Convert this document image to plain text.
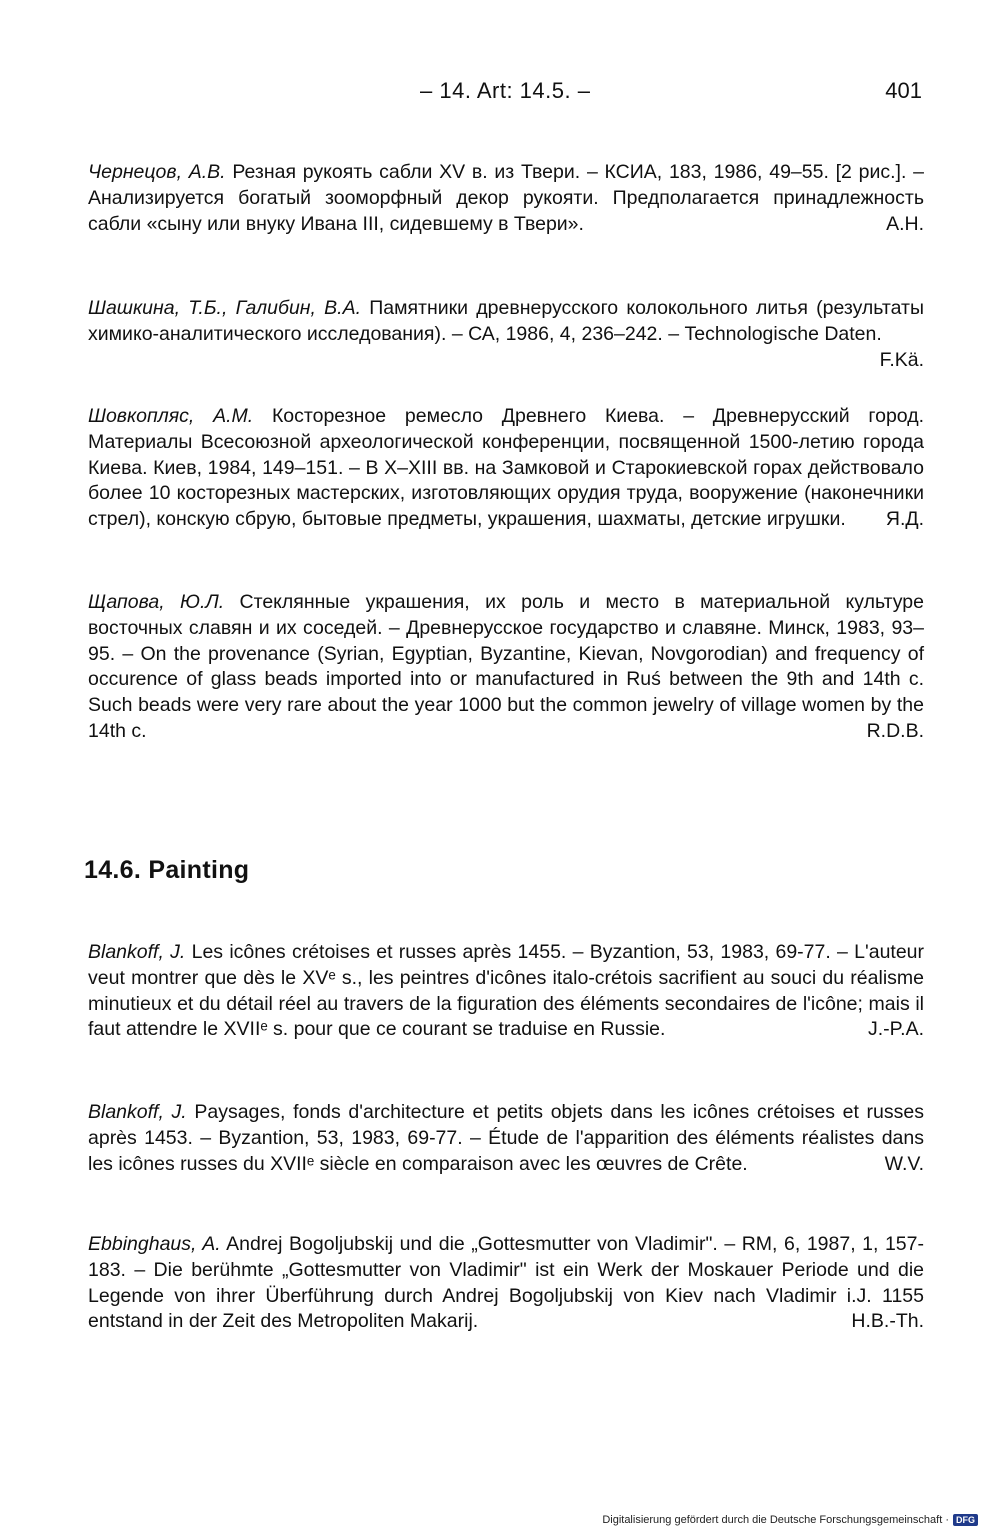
– 14. Art: 14.5. –	401
Чернецов, А.В. Резная рукоять сабли XV в. из Твери. – КСИА, 183, 1986, 49–55. [2 рис.]. – Анализируется богатый зооморфный декор рукояти. Предполагается принадлежность сабли «сыну или внуку Ивана III, сидевшему в Твери».	А.Н.
Шашкина, Т.Б., Галибин, В.А. Памятники древнерусского колокольного литья (результаты химико-аналитического исследования). – СА, 1986, 4, 236–242. – Technologische Daten.
F.Kä.
Шовкопляс, А.М. Косторезное ремесло Древнего Киева. – Древнерусский город. Материалы Всесоюзной археологической конференции, посвященной 1500-летию города Киева. Киев, 1984, 149–151. – В X–XIII вв. на Замковой и Старокиевской горах действовало более 10 косторезных мастерских, изготовляющих орудия труда, вооружение (наконечники стрел), конскую сбрую, бытовые предметы, украшения, шахматы, детские игрушки. Я.Д.
Щапова, Ю.Л. Стеклянные украшения, их роль и место в материальной культуре восточных славян и их соседей. – Древнерусское государство и славяне. Минск, 1983, 93–95. – On the provenance (Syrian, Egyptian, Byzantine, Kievan, Novgorodian) and frequency of occurence of glass beads imported into or manufactured in Ruś between the 9th and 14th c. Such beads were very rare about the year 1000 but the common jewelry of village women by the 14th c.	R.D.B.
14.6. Painting
Blankoff, J. Les icônes crétoises et russes après 1455. – Byzantion, 53, 1983, 69-77. – L'auteur veut montrer que dès le XVᵉ s., les peintres d'icônes italo-crétois sacrifient au souci du réalisme minutieux et du détail réel au travers de la figuration des éléments secondaires de l'icône; mais il faut attendre le XVIIᵉ s. pour que ce courant se traduise en Russie.	J.-P.A.
Blankoff, J. Paysages, fonds d'architecture et petits objets dans les icônes crétoises et russes après 1453. – Byzantion, 53, 1983, 69-77. – Étude de l'apparition des éléments réalistes dans les icônes russes du XVIIᵉ siècle en comparaison avec les œuvres de Crête.	W.V.
Ebbinghaus, A. Andrej Bogoljubskij und die „Gottesmutter von Vladimir". – RM, 6, 1987, 1, 157-183. – Die berühmte „Gottesmutter von Vladimir" ist ein Werk der Moskauer Periode und die Legende von ihrer Überführung durch Andrej Bogoljubskij von Kiev nach Vladimir i.J. 1155 entstand in der Zeit des Metropoliten Makarij.	H.B.-Th.
Digitalisierung gefördert durch die Deutsche Forschungsgemeinschaft · DFG
